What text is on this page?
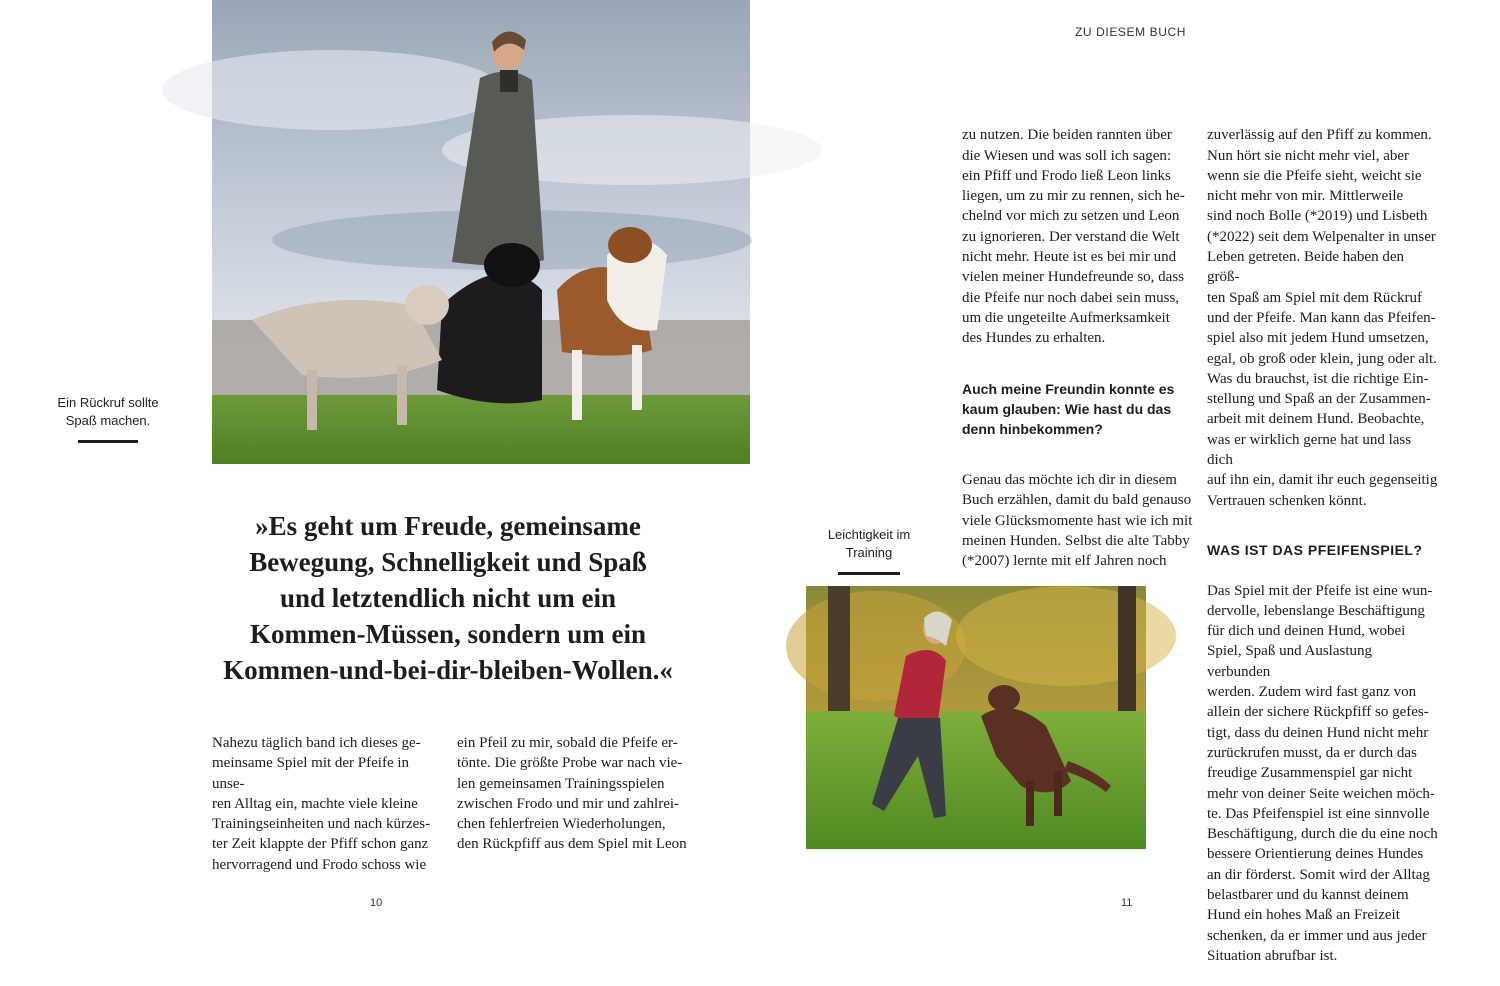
ZU DIESEM BUCH

Ein Rückruf sollte
Spaß machen.

»Es geht um Freude, gemeinsame
Bewegung, Schnelligkeit und Spaß
und letztendlich nicht um ein
Kommen-Müssen, sondern um ein
Kommen-und-bei-dir-bleiben-Wollen.«
Nahezu täglich band ich dieses ge-
meinsame Spiel mit der Pfeife in unse-
ren Alltag ein, machte viele kleine
Trainingseinheiten und nach kürzes-
ter Zeit klappte der Pfiff schon ganz
hervorragend und Frodo schoss wie
ein Pfeil zu mir, sobald die Pfeife er-
tönte. Die größte Probe war nach vie-
len gemeinsamen Trainingsspielen
zwischen Frodo und mir und zahlrei-
chen fehlerfreien Wiederholungen,
den Rückpfiff aus dem Spiel mit Leon

zu nutzen. Die beiden rannten über
die Wiesen und was soll ich sagen:
ein Pfiff und Frodo ließ Leon links
liegen, um zu mir zu rennen, sich he-
chelnd vor mich zu setzen und Leon
zu ignorieren. Der verstand die Welt
nicht mehr. Heute ist es bei mir und
vielen meiner Hundefreunde so, dass
die Pfeife nur noch dabei sein muss,
um die ungeteilte Aufmerksamkeit
des Hundes zu erhalten.

Auch meine Freundin konnte es
kaum glauben: Wie hast du das
denn hinbekommen?

Genau das möchte ich dir in diesem
Buch erzählen, damit du bald genauso
viele Glücksmomente hast wie ich mit
meinen Hunden. Selbst die alte Tabby
(*2007) lernte mit elf Jahren noch

zuverlässig auf den Pfiff zu kommen.
Nun hört sie nicht mehr viel, aber
wenn sie die Pfeife sieht, weicht sie
nicht mehr von mir. Mittlerweile
sind noch Bolle (*2019) und Lisbeth
(*2022) seit dem Welpenalter in unser
Leben getreten. Beide haben den größ-
ten Spaß am Spiel mit dem Rückruf
und der Pfeife. Man kann das Pfeifen-
spiel also mit jedem Hund umsetzen,
egal, ob groß oder klein, jung oder alt.
Was du brauchst, ist die richtige Ein-
stellung und Spaß an der Zusammen-
arbeit mit deinem Hund. Beobachte,
was er wirklich gerne hat und lass dich
auf ihn ein, damit ihr euch gegenseitig
Vertrauen schenken könnt.

WAS IST DAS PFEIFENSPIEL?

Das Spiel mit der Pfeife ist eine wun-
dervolle, lebenslange Beschäftigung
für dich und deinen Hund, wobei
Spiel, Spaß und Auslastung verbunden
werden. Zudem wird fast ganz von
allein der sichere Rückpfiff so gefes-
tigt, dass du deinen Hund nicht mehr
zurückrufen musst, da er durch das
freudige Zusammenspiel gar nicht
mehr von deiner Seite weichen möch-
te. Das Pfeifenspiel ist eine sinnvolle
Beschäftigung, durch die du eine noch
bessere Orientierung deines Hundes
an dir förderst. Somit wird der Alltag
belastbarer und du kannst deinem
Hund ein hohes Maß an Freizeit
schenken, da er immer und aus jeder
Situation abrufbar ist.

Leichtigkeit im
Training

10	11
